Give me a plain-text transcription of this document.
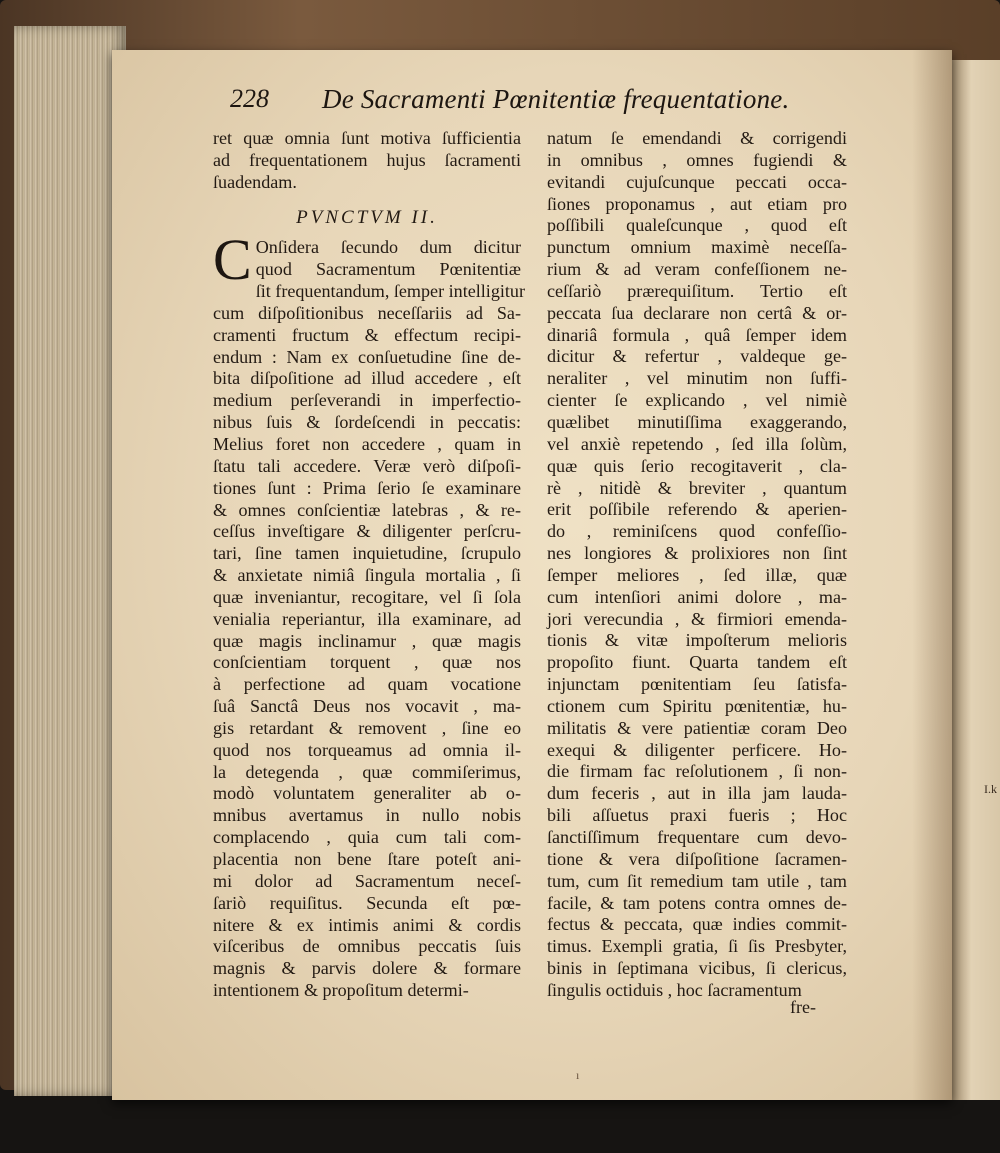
I.k
228 De Sacramenti Pœnitentiæ frequentatione.
ret quæ omnia ſunt motiva ſufficientia
ad frequentationem hujus ſacramenti
ſuadendam.
PVNCTVM II.
C Onſidera ſecundo dum dicitur
quod Sacramentum Pœnitentiæ
ſit frequentandum, ſemper intelligitur
cum diſpoſitionibus neceſſariis ad Sa-
cramenti fructum & effectum recipi-
endum : Nam ex conſuetudine ſine de-
bita diſpoſitione ad illud accedere , eſt
medium perſeverandi in imperfectio-
nibus ſuis & ſordeſcendi in peccatis:
Melius foret non accedere , quam in
ſtatu tali accedere. Veræ verò diſpoſi-
tiones ſunt : Prima ſerio ſe examinare
& omnes conſcientiæ latebras , & re-
ceſſus inveſtigare & diligenter perſcru-
tari, ſine tamen inquietudine, ſcrupulo
& anxietate nimiâ ſingula mortalia , ſi
quæ inveniantur, recogitare, vel ſi ſola
venialia reperiantur, illa examinare, ad
quæ magis inclinamur , quæ magis
conſcientiam torquent , quæ nos
à perfectione ad quam vocatione
ſuâ Sanctâ Deus nos vocavit , ma-
gis retardant & removent , ſine eo
quod nos torqueamus ad omnia il-
la detegenda , quæ commiſerimus,
modò voluntatem generaliter ab o-
mnibus avertamus in nullo nobis
complacendo , quia cum tali com-
placentia non bene ſtare poteſt ani-
mi dolor ad Sacramentum neceſ-
ſariò requiſitus. Secunda eſt pœ-
nitere & ex intimis animi & cordis
viſceribus de omnibus peccatis ſuis
magnis & parvis dolere & formare
intentionem & propoſitum determi-
natum ſe emendandi & corrigendi
in omnibus , omnes fugiendi &
evitandi cujuſcunque peccati occa-
ſiones proponamus , aut etiam pro
poſſibili qualeſcunque , quod eſt
punctum omnium maximè neceſſa-
rium & ad veram confeſſionem ne-
ceſſariò prærequiſitum. Tertio eſt
peccata ſua declarare non certâ & or-
dinariâ formula , quâ ſemper idem
dicitur & refertur , valdeque ge-
neraliter , vel minutim non ſuffi-
cienter ſe explicando , vel nimiè
quælibet minutiſſima exaggerando,
vel anxiè repetendo , ſed illa ſolùm,
quæ quis ſerio recogitaverit , cla-
rè , nitidè & breviter , quantum
erit poſſibile referendo & aperien-
do , reminiſcens quod confeſſio-
nes longiores & prolixiores non ſint
ſemper meliores , ſed illæ, quæ
cum intenſiori animi dolore , ma-
jori verecundia , & firmiori emenda-
tionis & vitæ impoſterum melioris
propoſito fiunt. Quarta tandem eſt
injunctam pœnitentiam ſeu ſatisfa-
ctionem cum Spiritu pœnitentiæ, hu-
militatis & vere patientiæ coram Deo
exequi & diligenter perficere. Ho-
die firmam fac reſolutionem , ſi non-
dum feceris , aut in illa jam lauda-
bili aſſuetus praxi fueris ; Hoc
ſanctiſſimum frequentare cum devo-
tione & vera diſpoſitione ſacramen-
tum, cum ſit remedium tam utile , tam
facile, & tam potens contra omnes de-
fectus & peccata, quæ indies commit-
timus. Exempli gratia, ſi ſis Presbyter,
binis in ſeptimana vicibus, ſi clericus,
ſingulis octiduis , hoc ſacramentum
fre-
ı
